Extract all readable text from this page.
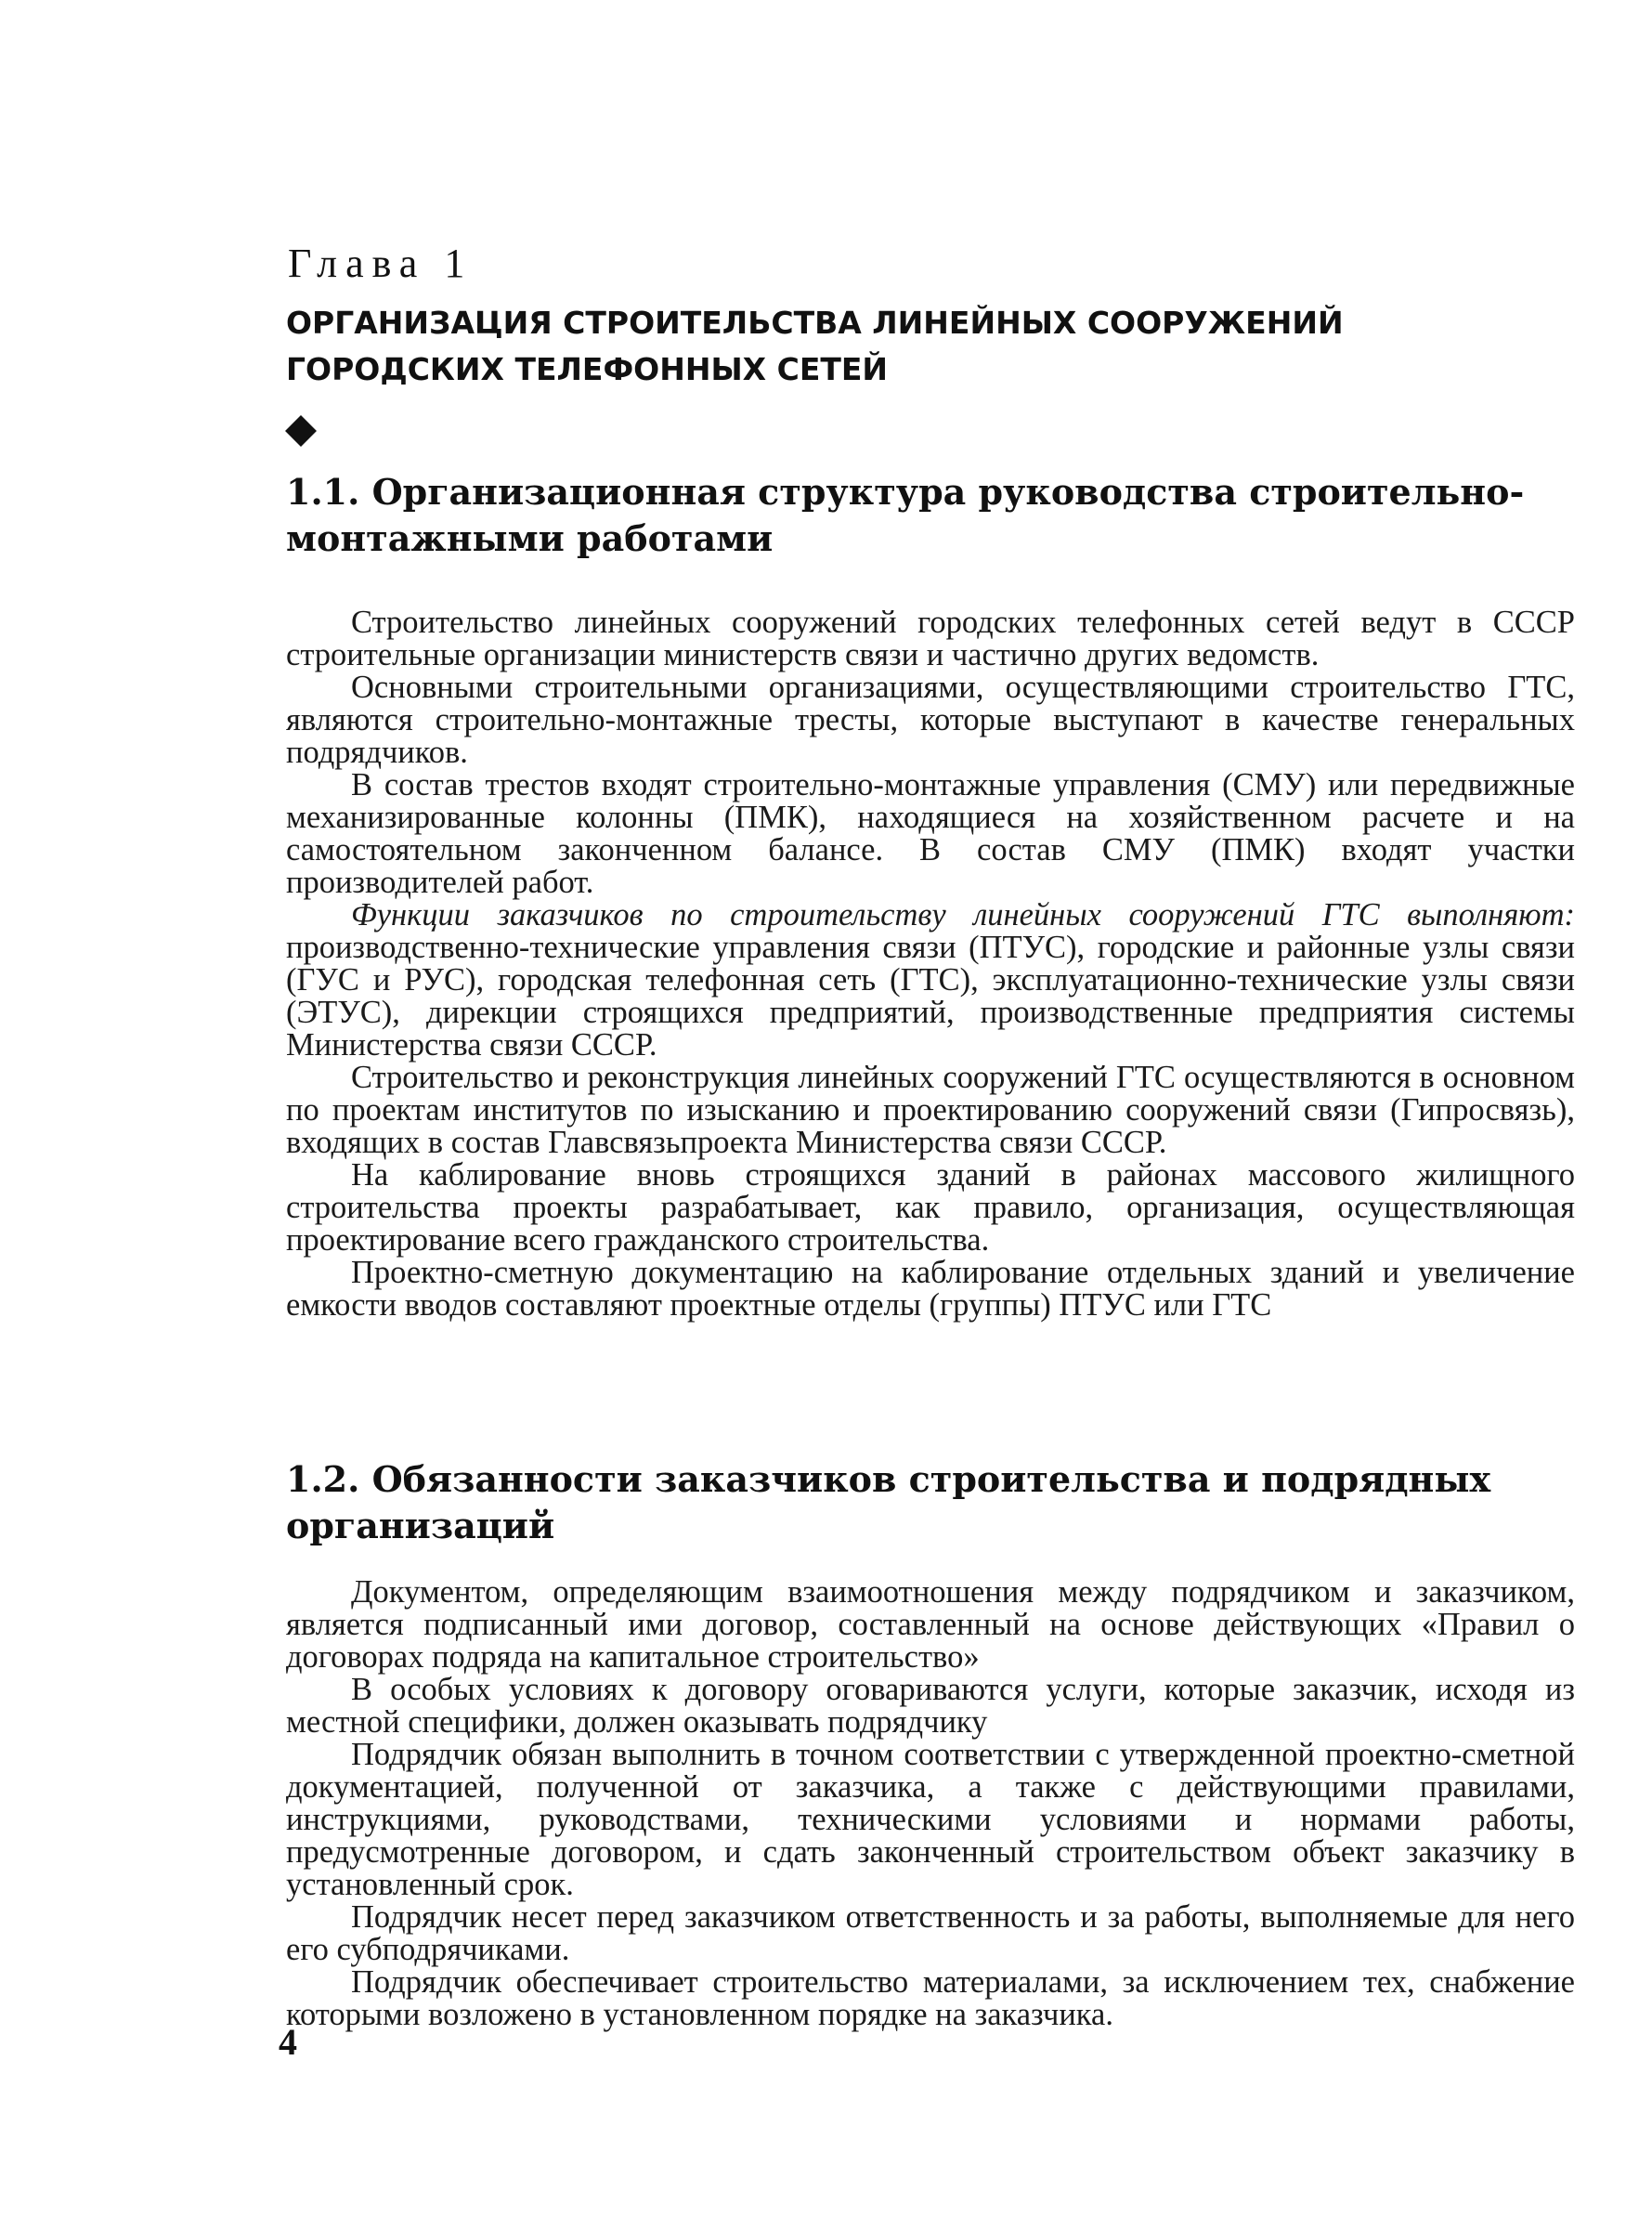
Глава 1
ОРГАНИЗАЦИЯ СТРОИТЕЛЬСТВА ЛИНЕЙНЫХ СООРУЖЕНИЙ
ГОРОДСКИХ ТЕЛЕФОННЫХ СЕТЕЙ
1.1. Организационная структура руководства строительно-
монтажными работами

Строительство линейных сооружений городских телефонных сетей ведут в СССР строительные организации министерств связи и частично других ведомств.

Основными строительными организациями, осуществляющими строительство ГТС, являются строительно-монтажные тресты, которые выступают в качестве генеральных подрядчиков.

В состав трестов входят строительно-монтажные управления (СМУ) или передвижные механизированные колонны (ПМК), находящиеся на хозяйственном расчете и на самостоятельном законченном балансе. В состав СМУ (ПМК) входят участки производителей работ.

Функции заказчиков по строительству линейных сооружений ГТС выполняют: производственно-технические управления связи (ПТУС), городские и районные узлы связи (ГУС и РУС), городская телефонная сеть (ГТС), эксплуатационно-технические узлы связи (ЭТУС), дирекции строящихся предприятий, производственные предприятия системы Министерства связи СССР.

Строительство и реконструкция линейных сооружений ГТС осуществляются в основном по проектам институтов по изысканию и проектированию сооружений связи (Гипросвязь), входящих в состав Главсвязьпроекта Министерства связи СССР.

На каблирование вновь строящихся зданий в районах массового жилищного строительства проекты разрабатывает, как правило, организация, осуществляющая проектирование всего гражданского строительства.

Проектно-сметную документацию на каблирование отдельных зданий и увеличение емкости вводов составляют проектные отделы (группы) ПТУС или ГТС

1.2. Обязанности заказчиков строительства и подрядных
организаций

Документом, определяющим взаимоотношения между подрядчиком и заказчиком, является подписанный ими договор, составленный на основе действующих «Правил о договорах подряда на капитальное строительство»

В особых условиях к договору оговариваются услуги, которые заказчик, исходя из местной специфики, должен оказывать подрядчику

Подрядчик обязан выполнить в точном соответствии с утвержденной проектно-сметной документацией, полученной от заказчика, а также с действующими правилами, инструкциями, руководствами, техническими условиями и нормами работы, предусмотренные договором, и сдать законченный строительством объект заказчику в установленный срок.

Подрядчик несет перед заказчиком ответственность и за работы, выполняемые для него его субподрячиками.

Подрядчик обеспечивает строительство материалами, за исключением тех, снабжение которыми возложено в установленном порядке на заказчика.

4
